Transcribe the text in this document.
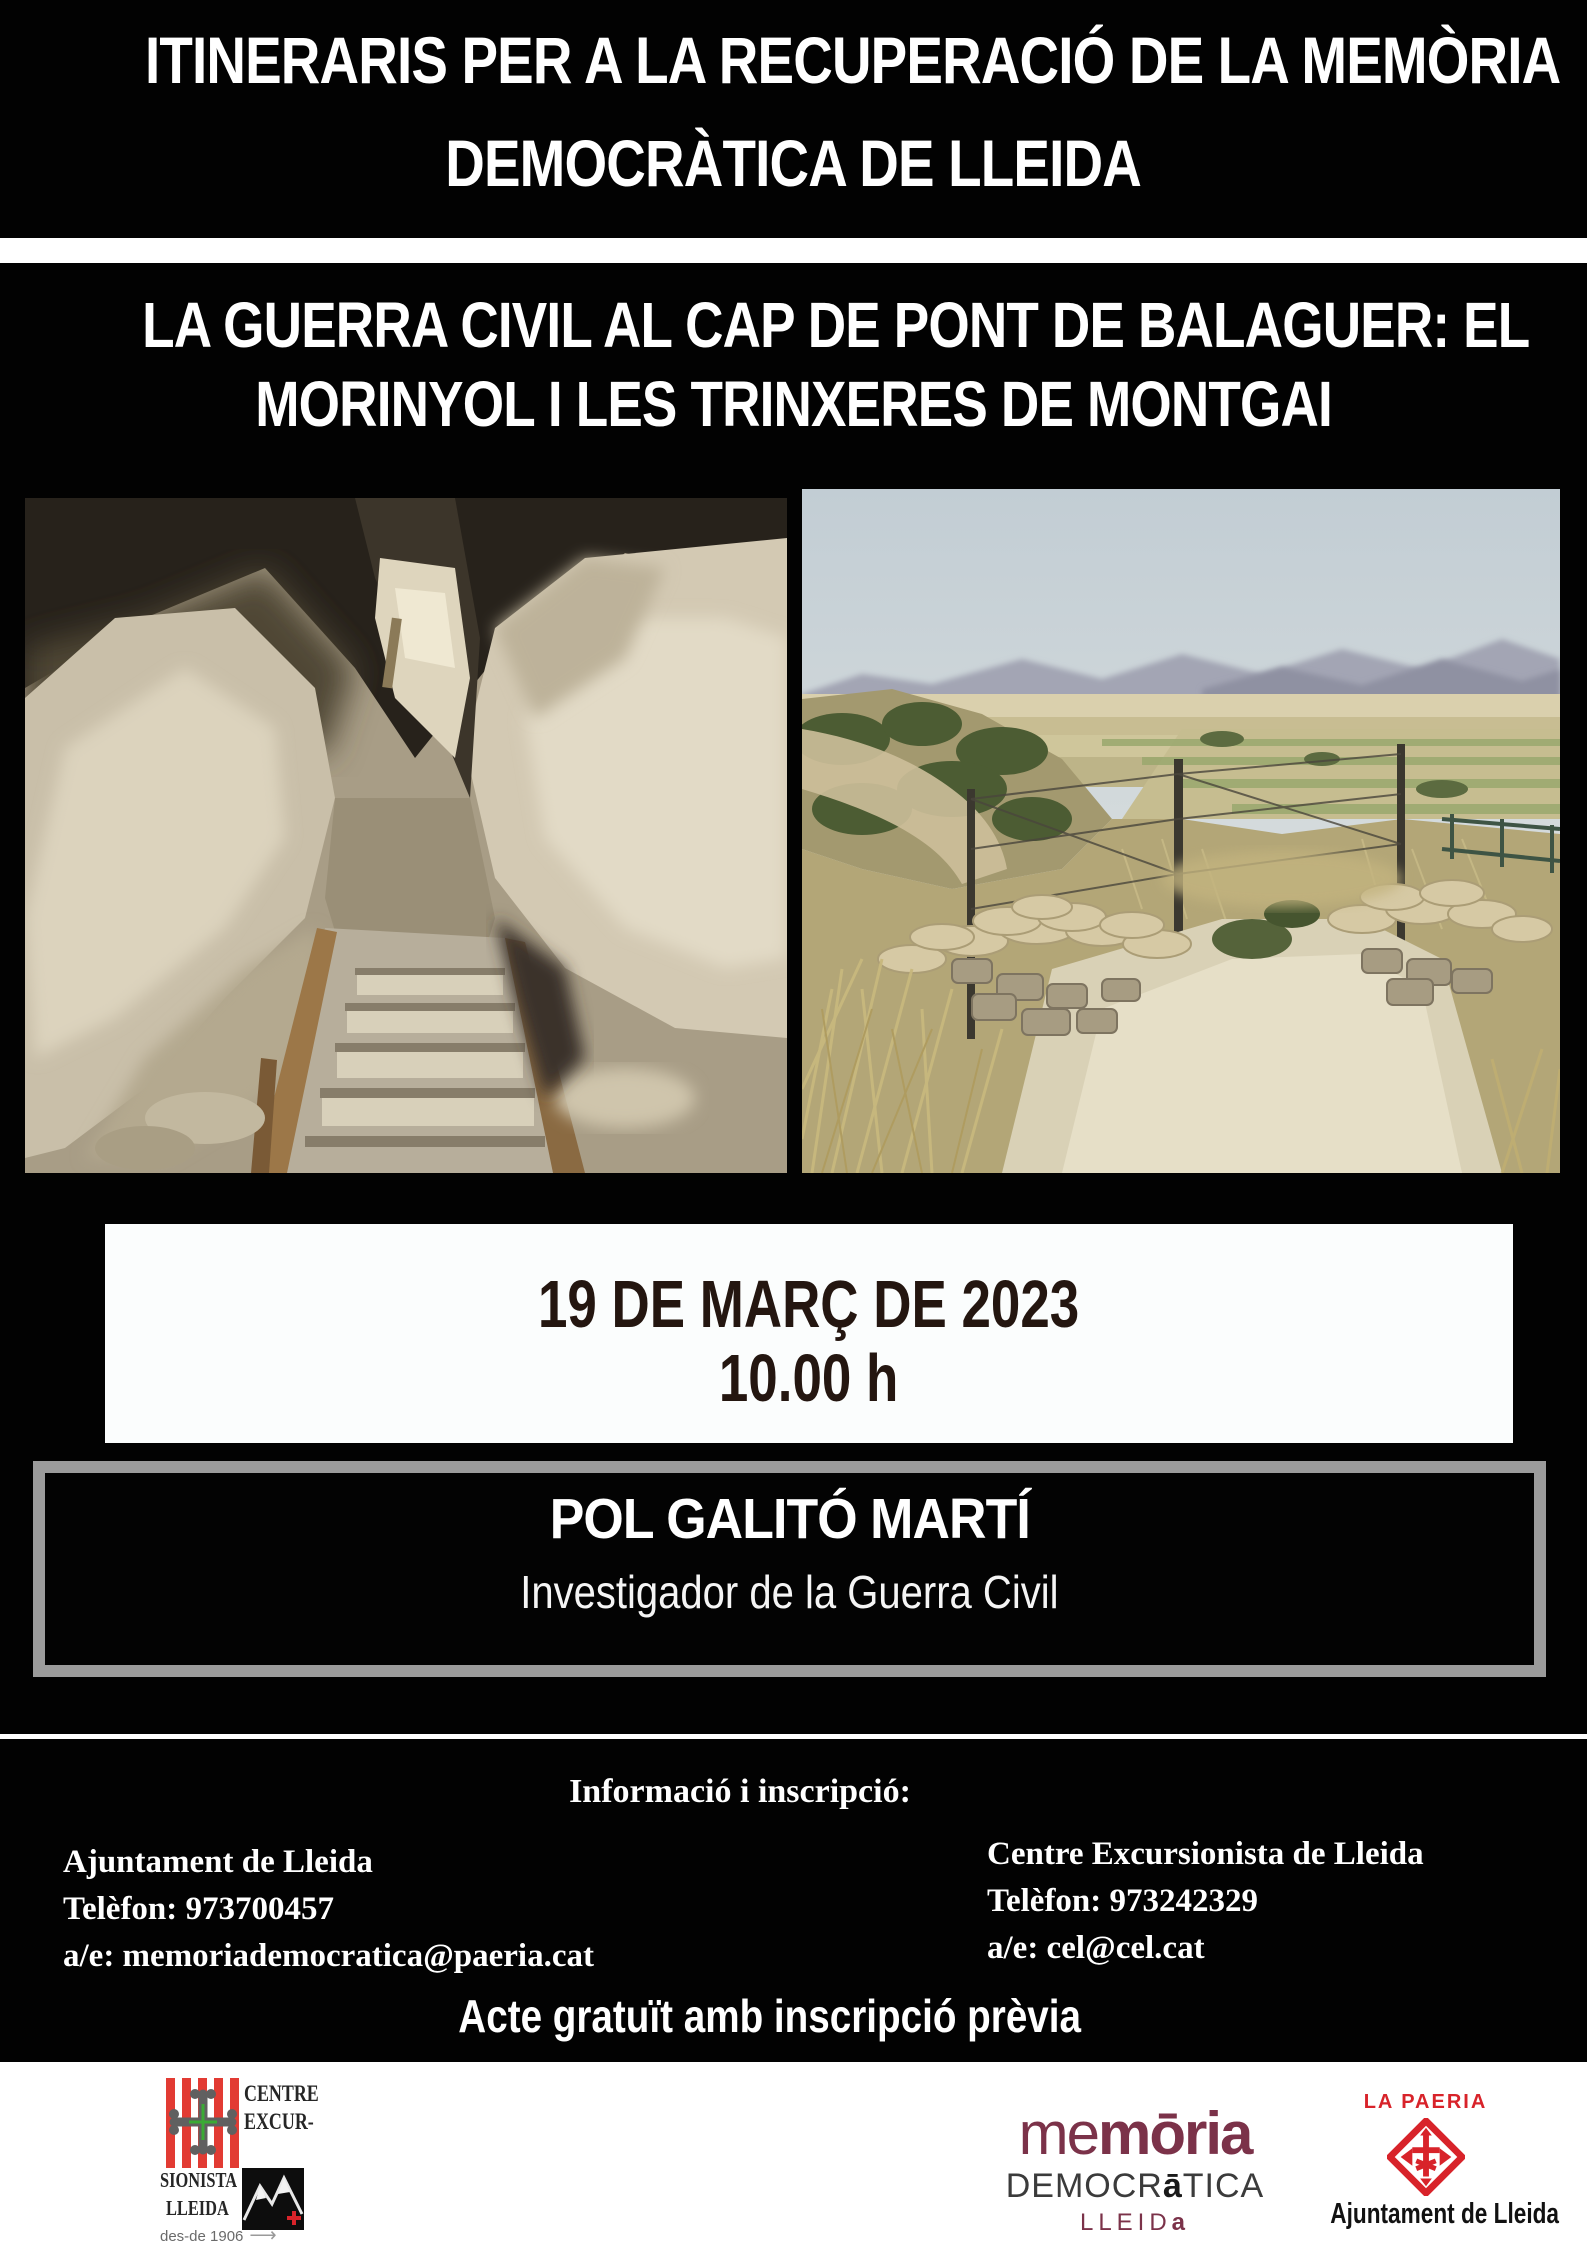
ITINERARIS PER A LA RECUPERACIÓ DE LA MEMÒRIA
DEMOCRÀTICA DE LLEIDA
LA GUERRA CIVIL AL CAP DE PONT DE BALAGUER: EL
MORINYOL I LES TRINXERES DE MONTGAI
19 DE MARÇ DE 2023
10.00 h
POL GALITÓ MARTÍ
Investigador de la Guerra Civil
Informació i inscripció:
Ajuntament de Lleida
Telèfon: 973700457
a/e: memoriademocratica@paeria.cat
Centre Excursionista de Lleida
Telèfon: 973242329
a/e: cel@cel.cat
Acte gratuït amb inscripció prèvia
CENTRE
EXCUR-
SIONISTA
LLEIDA
des-de 1906 ⟶
memōria
DEMOCRāTICA
LLEIDa
LA PAERIA
Ajuntament de Lleida
